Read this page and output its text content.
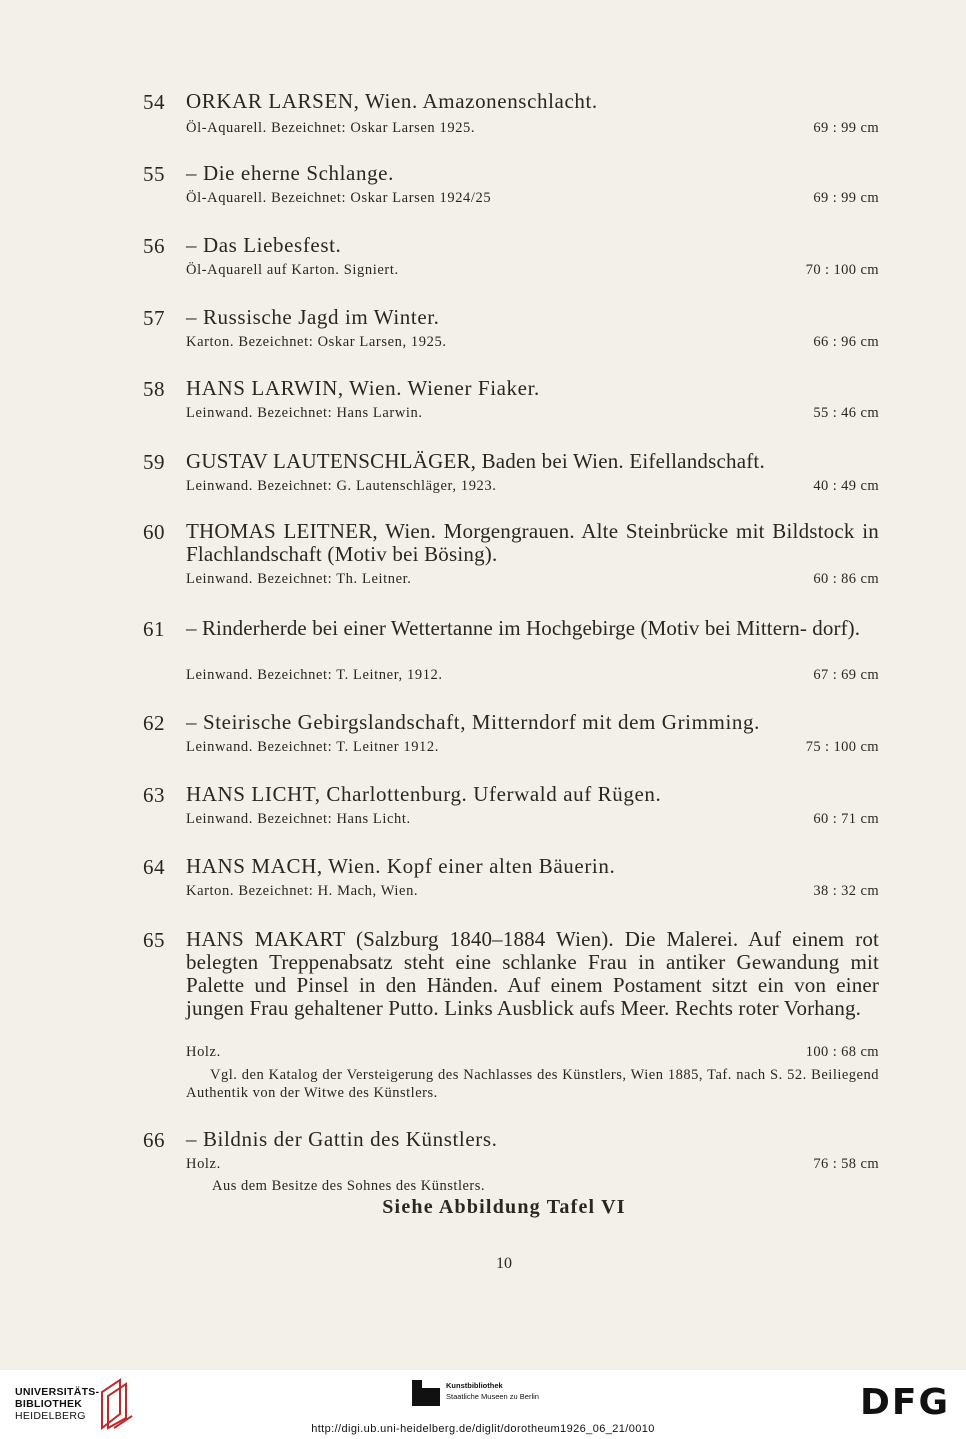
54 ORKAR LARSEN, Wien. Amazonenschlacht.
Öl-Aquarell. Bezeichnet: Oskar Larsen 1925.	69 : 99 cm
55 – Die eherne Schlange.
Öl-Aquarell. Bezeichnet: Oskar Larsen 1924/25	69 : 99 cm
56 – Das Liebesfest.
Öl-Aquarell auf Karton. Signiert.	70 : 100 cm
57 – Russische Jagd im Winter.
Karton. Bezeichnet: Oskar Larsen, 1925.	66 : 96 cm
58 HANS LARWIN, Wien. Wiener Fiaker.
Leinwand. Bezeichnet: Hans Larwin.	55 : 46 cm
59 GUSTAV LAUTENSCHLÄGER, Baden bei Wien. Eifellandschaft.
Leinwand. Bezeichnet: G. Lautenschläger, 1923.	40 : 49 cm
60 THOMAS LEITNER, Wien. Morgengrauen. Alte Steinbrücke mit Bildstock in Flachlandschaft (Motiv bei Bösing).
Leinwand. Bezeichnet: Th. Leitner.	60 : 86 cm
61 – Rinderherde bei einer Wettertanne im Hochgebirge (Motiv bei Mittern- dorf).
Leinwand. Bezeichnet: T. Leitner, 1912.	67 : 69 cm
62 – Steirische Gebirgslandschaft, Mitterndorf mit dem Grimming.
Leinwand. Bezeichnet: T. Leitner 1912.	75 : 100 cm
63 HANS LICHT, Charlottenburg. Uferwald auf Rügen.
Leinwand. Bezeichnet: Hans Licht.	60 : 71 cm
64 HANS MACH, Wien. Kopf einer alten Bäuerin.
Karton. Bezeichnet: H. Mach, Wien.	38 : 32 cm
65 HANS MAKART (Salzburg 1840–1884 Wien). Die Malerei. Auf einem rot belegten Treppenabsatz steht eine schlanke Frau in antiker Gewandung mit Palette und Pinsel in den Händen. Auf einem Postament sitzt ein von einer jungen Frau gehaltener Putto. Links Ausblick aufs Meer. Rechts roter Vorhang.
Holz.	100 : 68 cm
Vgl. den Katalog der Versteigerung des Nachlasses des Künstlers, Wien 1885, Taf. nach S. 52. Beiliegend Authentik von der Witwe des Künstlers.
66 – Bildnis der Gattin des Künstlers.
Holz.	76 : 58 cm
Aus dem Besitze des Sohnes des Künstlers.
Siehe Abbildung Tafel VI
10
UNIVERSITÄTS-
BIBLIOTHEK
HEIDELBERG
Kunstbibliothek
Staatliche Museen zu Berlin	DFG
http://digi.ub.uni-heidelberg.de/diglit/dorotheum1926_06_21/0010
